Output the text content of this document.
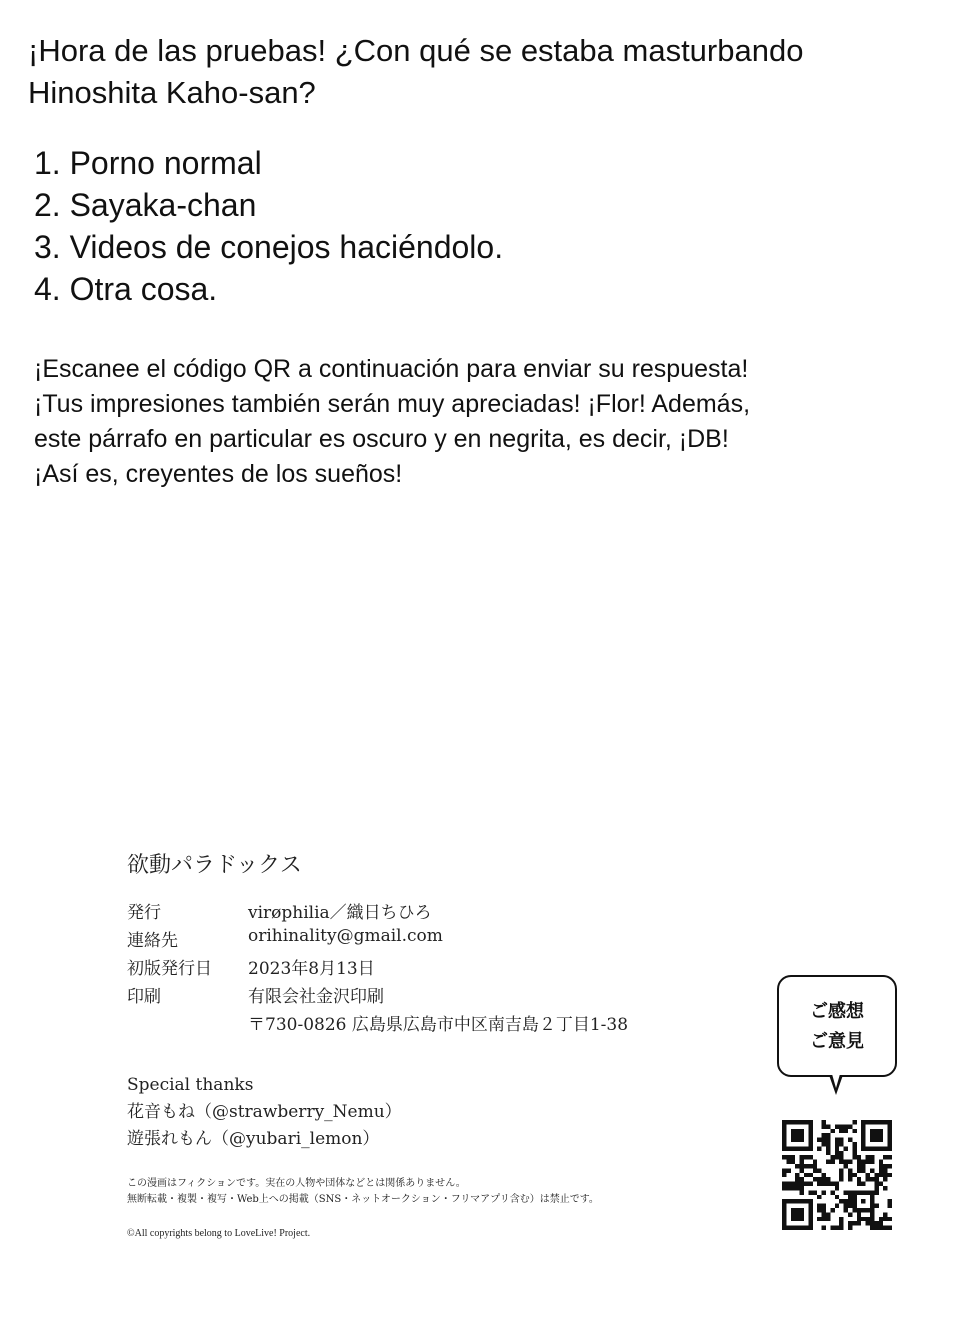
¡Hora de las pruebas! ¿Con qué se estaba masturbando
Hinoshita Kaho-san?
1. Porno normal
2. Sayaka-chan
3. Videos de conejos haciéndolo.
4. Otra cosa.
¡Escanee el código QR a continuación para enviar su respuesta!
¡Tus impresiones también serán muy apreciadas! ¡Flor! Además,
este párrafo en particular es oscuro y en negrita, es decir, ¡DB!
¡Así es, creyentes de los sueños!
欲動パラドックス
発行	virøphilia／織日ちひろ
連絡先	orihinality@gmail.com
初版発行日 2023年8月13日
印刷	有限会社金沢印刷
〒730-0826 広島県広島市中区南吉島２丁目1-38
Special thanks
花音もね（@strawberry_Nemu）
遊張れもん（@yubari_lemon）
この漫画はフィクションです。実在の人物や団体などとは関係ありません。
無断転載・複製・複写・Web上への掲載（SNS・ネットオークション・フリマアプリ含む）は禁止です。
©All copyrights belong to LoveLive! Project.
ご感想
ご意見
